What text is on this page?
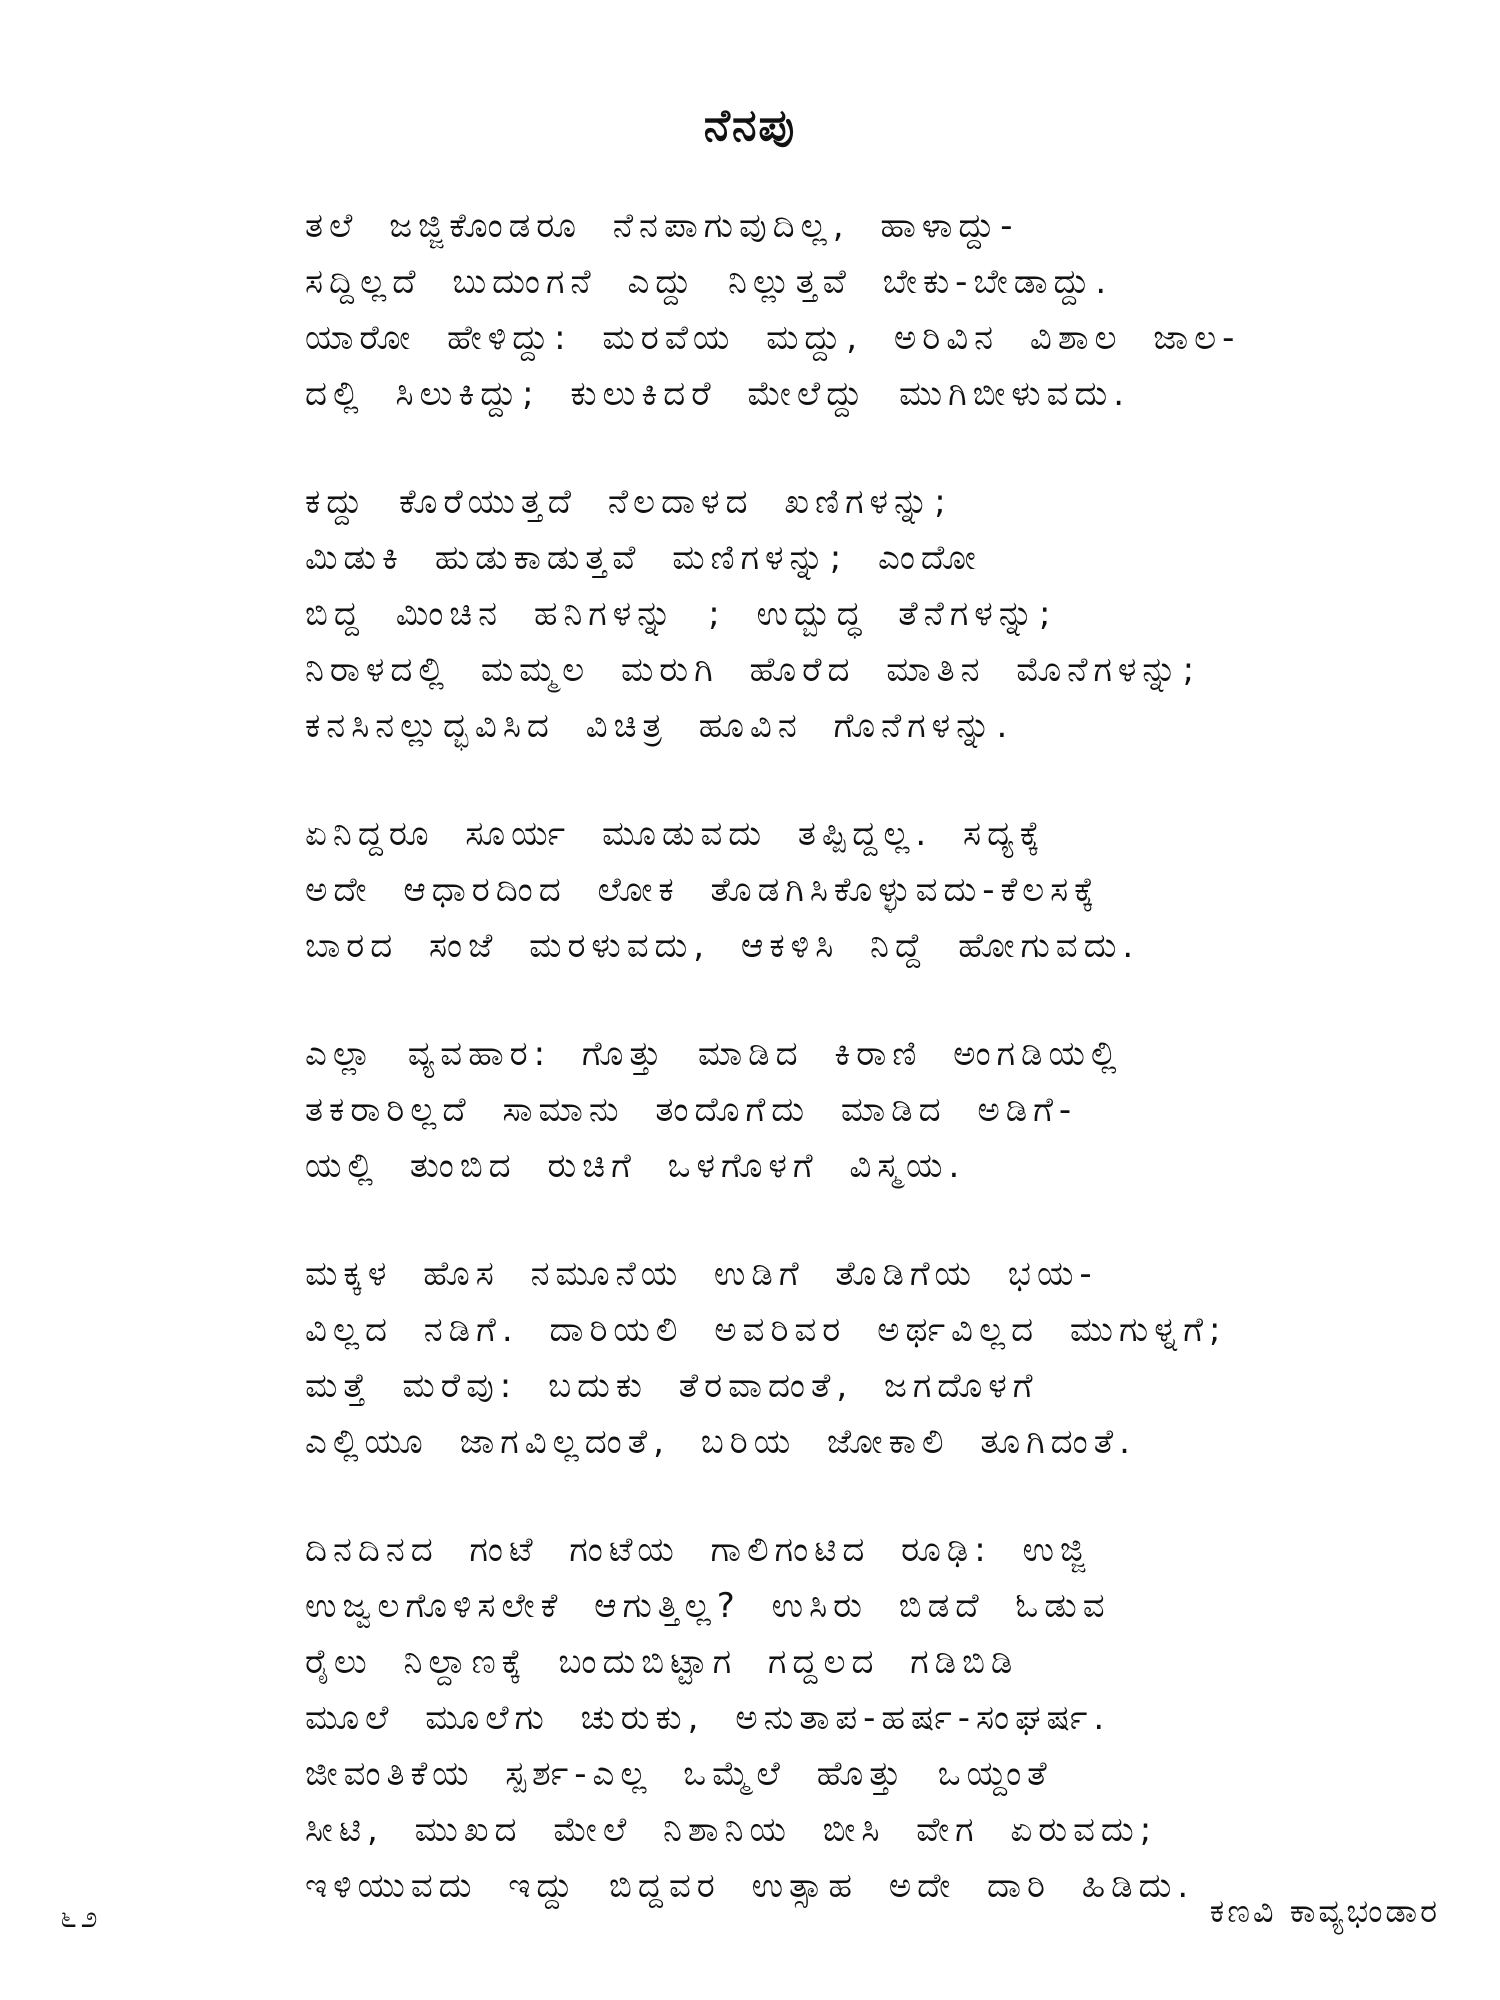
ನೆನಪು
ತಲೆ ಜಜ್ಜಿಕೊಂಡರೂ ನೆನಪಾಗುವುದಿಲ್ಲ, ಹಾಳಾದ್ದು-
ಸದ್ದಿಲ್ಲದೆ ಬುದುಂಗನೆ ಎದ್ದು ನಿಲ್ಲುತ್ತವೆ ಬೇಕು-ಬೇಡಾದ್ದು.
ಯಾರೋ ಹೇಳಿದ್ದು: ಮರವೆಯ ಮದ್ದು, ಅರಿವಿನ ವಿಶಾಲ ಜಾಲ-
ದಲ್ಲಿ ಸಿಲುಕಿದ್ದು; ಕುಲುಕಿದರೆ ಮೇಲೆದ್ದು ಮುಗಿಬೀಳುವದು.
ಕದ್ದು ಕೊರೆಯುತ್ತದೆ ನೆಲದಾಳದ ಖಣಿಗಳನ್ನು;
ಮಿಡುಕಿ ಹುಡುಕಾಡುತ್ತವೆ ಮಣಿಗಳನ್ನು; ಎಂದೋ
ಬಿದ್ದ ಮಿಂಚಿನ ಹನಿಗಳನ್ನು ; ಉದ್ಬುದ್ಧ ತೆನೆಗಳನ್ನು;
ನಿರಾಳದಲ್ಲಿ ಮಮ್ಮಲ ಮರುಗಿ ಹೊರೆದ ಮಾತಿನ ಮೊನೆಗಳನ್ನು;
ಕನಸಿನಲ್ಲುದ್ಭವಿಸಿದ ವಿಚಿತ್ರ ಹೂವಿನ ಗೊನೆಗಳನ್ನು.
ಏನಿದ್ದರೂ ಸೂರ್ಯ ಮೂಡುವದು ತಪ್ಪಿದ್ದಲ್ಲ. ಸದ್ಯಕ್ಕೆ
ಅದೇ ಆಧಾರದಿಂದ ಲೋಕ ತೊಡಗಿಸಿಕೊಳ್ಳುವದು-ಕೆಲಸಕ್ಕೆ
ಬಾರದ ಸಂಜೆ ಮರಳುವದು, ಆಕಳಿಸಿ ನಿದ್ದೆ ಹೋಗುವದು.
ಎಲ್ಲಾ ವ್ಯವಹಾರ: ಗೊತ್ತು ಮಾಡಿದ ಕಿರಾಣಿ ಅಂಗಡಿಯಲ್ಲಿ
ತಕರಾರಿಲ್ಲದೆ ಸಾಮಾನು ತಂದೊಗೆದು ಮಾಡಿದ ಅಡಿಗೆ-
ಯಲ್ಲಿ ತುಂಬಿದ ರುಚಿಗೆ ಒಳಗೊಳಗೆ ವಿಸ್ಮಯ.
ಮಕ್ಕಳ ಹೊಸ ನಮೂನೆಯ ಉಡಿಗೆ ತೊಡಿಗೆಯ ಭಯ-
ವಿಲ್ಲದ ನಡಿಗೆ. ದಾರಿಯಲಿ ಅವರಿವರ ಅರ್ಥವಿಲ್ಲದ ಮುಗುಳ್ನಗೆ;
ಮತ್ತೆ ಮರೆವು: ಬದುಕು ತೆರವಾದಂತೆ, ಜಗದೊಳಗೆ
ಎಲ್ಲಿಯೂ ಜಾಗವಿಲ್ಲದಂತೆ, ಬರಿಯ ಜೋಕಾಲಿ ತೂಗಿದಂತೆ.
ದಿನದಿನದ ಗಂಟೆ ಗಂಟೆಯ ಗಾಲಿಗಂಟಿದ ರೂಢಿ: ಉಜ್ಜಿ
ಉಜ್ವಲಗೊಳಿಸಲೇಕೆ ಆಗುತ್ತಿಲ್ಲ? ಉಸಿರು ಬಿಡದೆ ಓಡುವ
ರೈಲು ನಿಲ್ದಾಣಕ್ಕೆ ಬಂದುಬಿಟ್ಟಾಗ ಗದ್ದಲದ ಗಡಿಬಿಡಿ
ಮೂಲೆ ಮೂಲೆಗು ಚುರುಕು, ಅನುತಾಪ-ಹರ್ಷ-ಸಂಘರ್ಷ.
ಜೀವಂತಿಕೆಯ ಸ್ಪರ್ಶ-ಎಲ್ಲ ಒಮ್ಮೆಲೆ ಹೊತ್ತು ಒಯ್ದಂತೆ
ಸೀಟಿ, ಮುಖದ ಮೇಲೆ ನಿಶಾನಿಯ ಬೀಸಿ ವೇಗ ಏರುವದು;
ಇಳಿಯುವದು ಇದ್ದು ಬಿದ್ದವರ ಉತ್ಸಾಹ ಅದೇ ದಾರಿ ಹಿಡಿದು.
೬೨	ಕಣವಿ ಕಾವ್ಯಭಂಡಾರ
